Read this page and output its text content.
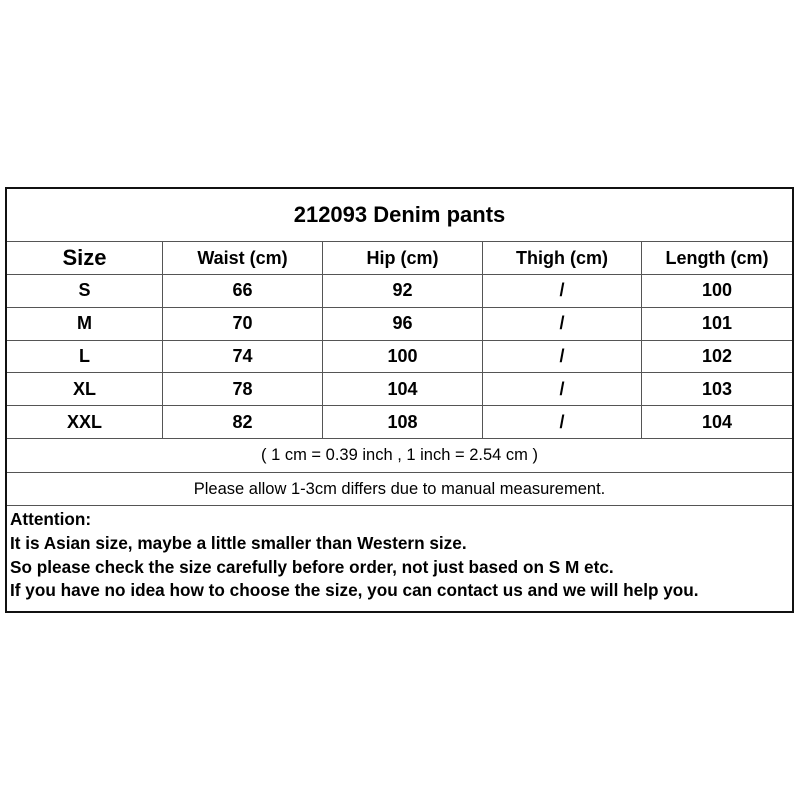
212093 Denim pants
Size	Waist (cm)	Hip (cm)	Thigh (cm)	Length (cm)
S	66	92	/	100
M	70	96	/	101
L	74	100	/	102
XL	78	104	/	103
XXL	82	108	/	104
( 1 cm = 0.39 inch , 1 inch = 2.54 cm )
Please allow 1-3cm differs due to manual measurement.
Attention:
It is Asian size, maybe a little smaller than Western size.
So please check the size carefully before order, not just based on S M etc.
If you have no idea how to choose the size, you can contact us and we will help you.
